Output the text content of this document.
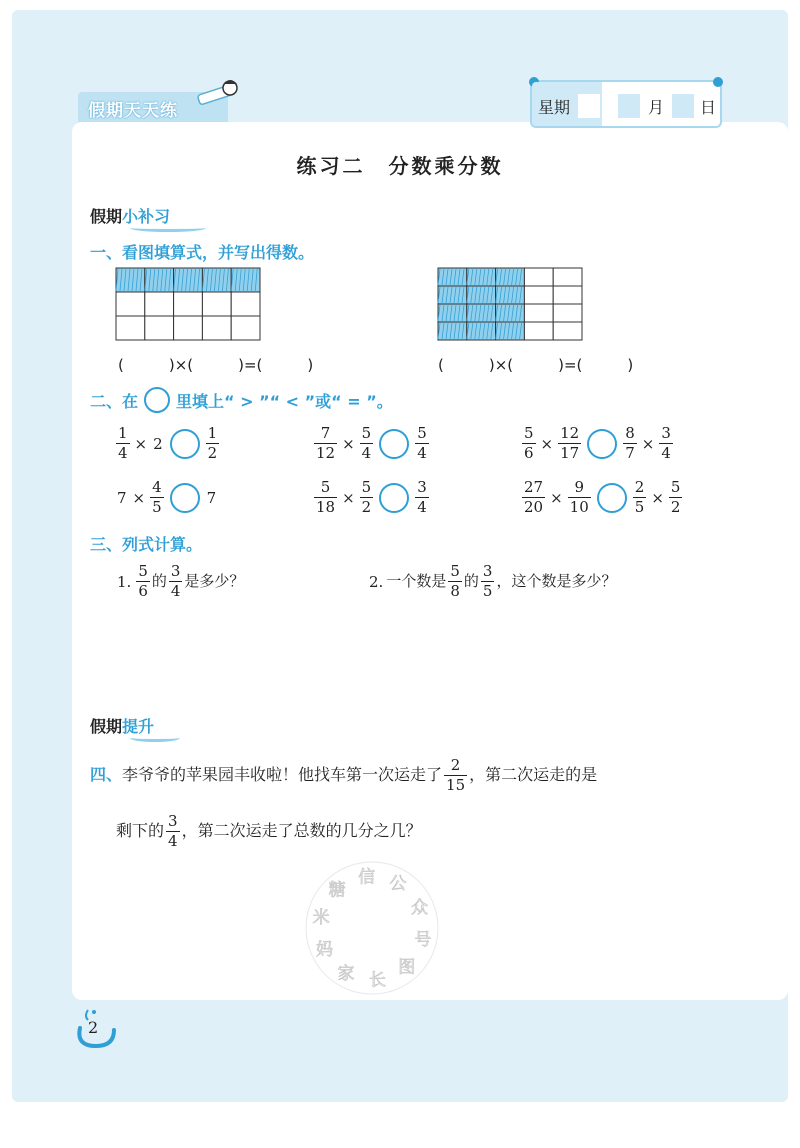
假期天天练	星期	月 日
练习二　分数乘分数
假期小补习
一、看图填算式，并写出得数。
(　　　)×(　　　)=(　　　)	(　　　)×(　　　)=(　　　)
二、在 里填上“ > ”“ < ”或“ = ”。
$\frac{1}{4} \times 2$	$\frac{1}{2}$	$\frac{7}{12} \times \frac{5}{4}$	$\frac{5}{4}$	$\frac{5}{6} \times \frac{12}{17}$	$\frac{8}{7} \times \frac{3}{4}$
$7 \times \frac{4}{5}$	7	$\frac{5}{18} \times \frac{5}{2}$	$\frac{3}{4}$	$\frac{27}{20} \times \frac{9}{10}$	$\frac{2}{5} \times \frac{5}{2}$
三、列式计算。
1. $\frac{5}{6}$ 的 $\frac{3}{4}$ 是多少？	2. 一个数是 $\frac{5}{8}$ 的 $\frac{3}{5}$ ，这个数是多少？
假期提升
四、李爷爷的苹果园丰收啦！他找车第一次运走了 $\frac{2}{15}$ ，第二次运走的是
剩下的 $\frac{3}{4}$ ，第二次运走了总数的几分之几？
公
众
号
图
长
家
妈
米
糖
信
2
